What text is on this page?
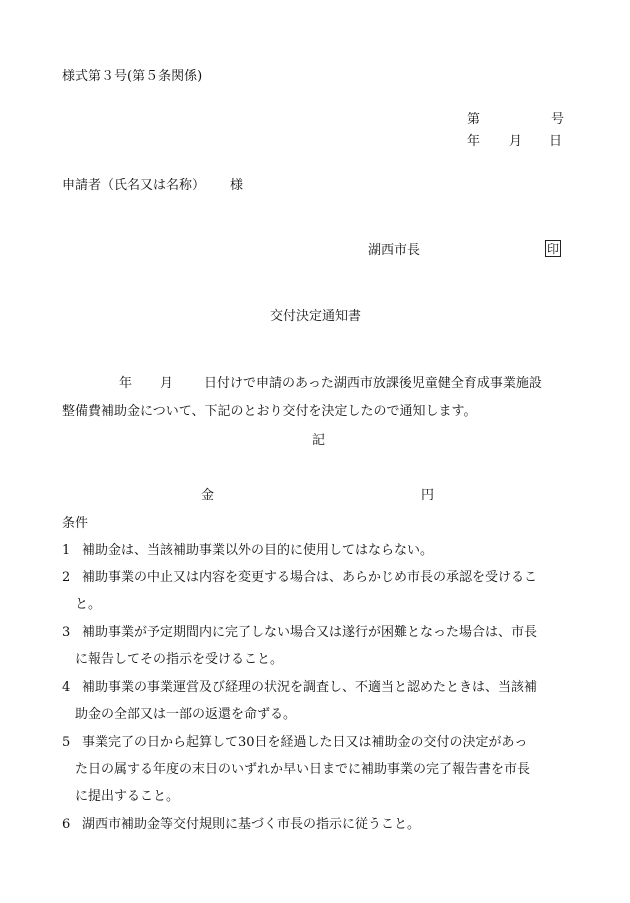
様式第３号(第５条関係)
第	号
年 月 日
申請者（氏名又は名称） 様
湖西市長	印
交付決定通知書
年 月 日付けで申請のあった湖西市放課後児童健全育成事業施設
整備費補助金について、下記のとおり交付を決定したので通知します。
記
金	円
条件
1 補助金は、当該補助事業以外の目的に使用してはならない。
2 補助事業の中止又は内容を変更する場合は、あらかじめ市長の承認を受けるこ
と。
3 補助事業が予定期間内に完了しない場合又は遂行が困難となった場合は、市長
に報告してその指示を受けること。
4 補助事業の事業運営及び経理の状況を調査し、不適当と認めたときは、当該補
助金の全部又は一部の返還を命ずる。
5 事業完了の日から起算して30日を経過した日又は補助金の交付の決定があっ
た日の属する年度の末日のいずれか早い日までに補助事業の完了報告書を市長
に提出すること。
6 湖西市補助金等交付規則に基づく市長の指示に従うこと。
